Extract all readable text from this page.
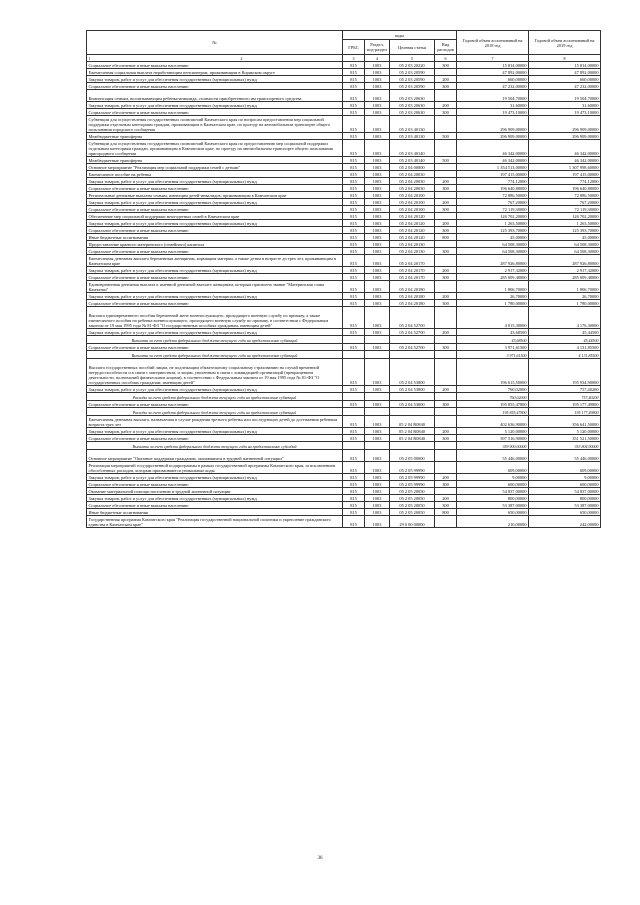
№	коды				Годовой объем ассигнований на 2018 год	Годовой объем ассигнований на 2019 год
	ГРБС	Раздел, под-раздел	Целевая статья	Вид расходов		
1 2	3	4	5	6	7	8
Социальное обеспечение и иные выплаты населению	815	1003	05 2 03 20220	300	15 814,00000	15 814,00000
Ежемесячная социальная выплата неработающим пенсионерам, проживающим в Корякском округе	815	1003	05 2 03 20590		47 892,00000	47 892,00000
Закупка товаров, работ и услуг для обеспечения государственных (муниципальных) нужд	815	1003	05 2 03 20590	200	660,00000	660,00000
Социальное обеспечение и иные выплаты населению	815	1003	05 2 03 20590	300	47 232,00000	47 232,00000
Компенсация семьям, воспитывающим ребенка-инвалида, стоимости приобретенного им транспортного средства	815	1003	05 2 03 20630		19 504,70000	19 504,70000
Закупка товаров, работ и услуг для обеспечения государственных (муниципальных) нужд	815	1003	05 2 03 20630	200	31,60000	31,60000
Социальное обеспечение и иные выплаты населению	815	1003	05 2 03 20630	300	19 473,10000	19 473,10000
Субвенции для осуществления государственных полномочий Камчатского края по вопросам предоставления мер социальной поддержки отдельным категориям граждан, проживающим в Камчатском крае, по проезду на автомобильном транспорте общего пользования городского сообщения	815	1003	05 2 03 40130		296 909,00000	296 909,00000
Межбюджетные трансферты	815	1003	05 2 03 40130	500	296 909,00000	296 909,00000
Субвенции для осуществления государственных полномочий Камчатского края по предоставлению мер социальной поддержки отдельным категориям граждан, проживающим в Камчатском крае, по проезду на автомобильном транспорте общего пользования пригородного сообщения	815	1003	05 2 03 40140		46 342,00000	46 342,00000
Межбюджетные трансферты	815	1003	05 2 03 40140	500	46 342,00000	46 342,00000
Основное мероприятие "Реализация мер социальной поддержки семей с детьми"	815	1003	05 2 04 00000		1 354 513,00000	1 307 998,60000
Ежемесячное пособие на ребенка	815	1003	05 2 04 20030		197 415,00000	197 415,00000
Закупка товаров, работ и услуг для обеспечения государственных (муниципальных) нужд	815	1003	05 2 04 20030	200	774,12000	774,12000
Социальное обеспечение и иные выплаты населению	815	1003	05 2 04 20030	300	196 640,88000	196 640,88000
Региональные денежные выплаты семьям, имеющим детей-инвалидов, проживающим в Камчатском крае	815	1003	05 2 04 20100		72 886,50000	72 886,50000
Закупка товаров, работ и услуг для обеспечения государственных (муниципальных) нужд	815	1003	05 2 04 20100	200	767,20000	767,20000
Социальное обеспечение и иные выплаты населению	815	1003	05 2 04 20100	300	72 119,30000	72 119,30000
Обеспечение мер социальной поддержки многодетных семей в Камчатском крае	815	1003	05 2 04 20120		126 702,20000	126 702,20000
Закупка товаров, работ и услуг для обеспечения государственных (муниципальных) нужд	815	1003	05 2 04 20120	200	1 263,50000	1 263,50000
Социальное обеспечение и иные выплаты населению	815	1003	05 2 04 20120	300	125 393,70000	125 393,70000
Иные бюджетные ассигнования	815	1003	05 2 04 20120	800	45,00000	45,00000
Предоставление краевого материнского (семейного) капитала	815	1003	05 2 04 20130		64 508,30000	64 508,30000
Социальное обеспечение и иные выплаты населению	815	1003	05 2 04 20130	300	64 508,30000	64 508,30000
Ежемесячная денежная выплата беременным женщинам, кормящим матерям, а также детям в возрасте до трех лет, проживающим в Камчатском крае	815	1003	05 2 04 20170		287 926,80000	287 926,80000
Закупка товаров, работ и услуг для обеспечения государственных (муниципальных) нужд	815	1003	05 2 04 20170	200	2 917,32000	2 917,32000
Социальное обеспечение и иные выплаты населению	815	1003	05 2 04 20170	300	285 009,48000	285 009,48000
Единовременная денежная выплата к именной денежной выплате женщинам, которым присвоено звание "Материнская слава Камчатки"	815	1003	05 2 04 20180		1 806,70000	1 806,70000
Закупка товаров, работ и услуг для обеспечения государственных (муниципальных) нужд	815	1003	05 2 04 20180	200	26,70000	26,70000
Социальное обеспечение и иные выплаты населению	815	1003	05 2 04 20180	300	1 780,00000	1 780,00000
Выплата единовременного пособия беременной жене военнослужащего, проходящего военную службу по призыву, а также ежемесячного пособия на ребенка военнослужащего, проходящего военную службу по призыву, в соответствии с Федеральным законом от 19 мая 1995 года № 81-ФЗ "О государственных пособиях гражданам, имеющим детей"	815	1003	05 2 04 52700		4 015,30000	4 176,30000
Закупка товаров, работ и услуг для обеспечения государственных (муниципальных) нужд	815	1003	05 2 04 52700	200	43,68500	45,44500
Выплаты за счет средств федерального бюджета текущего года на предоставление субвенций					43,68500	45,44500
Социальное обеспечение и иные выплаты населению	815	1003	05 2 04 52700	300	3 971,61500	4 131,85500
Выплаты за счет средств федерального бюджета текущего года на предоставление субвенций					3 971,61500	4 131,85500
Выплата государственных пособий лицам, не подлежащим обязательному социальному страхованию на случай временной нетрудоспособности и в связи с материнством, и лицам, уволенным в связи с ликвидацией организаций (прекращением деятельности, полномочий физическими лицами), в соответствии с Федеральным законом от 19 мая 1995 года № 81-ФЗ "О государственных пособиях гражданам, имеющим детей"	815	1003	05 2 04 53800		196 615,50000	195 934,90000
Закупка товаров, работ и услуг для обеспечения государственных (муниципальных) нужд	815	1003	05 2 04 53800	200	760,02000	757,40200
Расходы за счет средств федерального бюджета текущего года на предоставление субвенций					760,02000	757,40200
Социальное обеспечение и иные выплаты населению	815	1003	05 2 04 53800	300	195 855,47800	195 177,49800
Расходы за счет средств федерального бюджета текущего года на предоставление субвенций					195 855,47800	195 177,49800
Ежемесячная денежная выплата, назначаемая в случае рождения третьего ребенка или последующих детей до достижения ребенком возраста трех лет	815	1003	05 2 04 R0840		402 636,90000	356 641,50000
Закупка товаров, работ и услуг для обеспечения государственных (муниципальных) нужд	815	1003	05 2 04 R0840	200	5 120,00000	5 120,00000
Социальное обеспечение и иные выплаты населению	815	1003	05 2 04 R0840	300	397 516,90000	351 521,50000
Выплаты за счет средств федерального бюджета текущего года на предоставление субсидий					359 900,00000	353 804,90000
Основное мероприятие "Оказание поддержки гражданам, оказавшимся в трудной жизненной ситуации"	815	1003	05 2 05 00000		55 446,00000	55 446,00000
Реализация мероприятий государственной подпрограммы в рамках государственной программы Камчатского края, за исключением обособленных расходов, которым присваиваются уникальные коды	815	1003	05 2 05 99990		609,00000	609,00000
Закупка товаров, работ и услуг для обеспечения государственных (муниципальных) нужд	815	1003	05 2 05 99990	200	9,00000	9,00000
Социальное обеспечение и иные выплаты населению	815	1003	05 2 05 99990	300	600,00000	600,00000
Оказание материальной помощи населению в трудной жизненной ситуации	815	1003	05 2 05 20050		54 837,00000	54 837,00000
Закупка товаров, работ и услуг для обеспечения государственных (муниципальных) нужд	815	1003	05 2 05 20050	200	800,00000	800,00000
Социальное обеспечение и иные выплаты населению	815	1003	05 2 05 20050	300	53 387,00000	53 387,00000
Иные бюджетные ассигнования	815	1003	05 2 05 20050	800	650,00000	650,00000
Государственная программа Камчатского края "Реализация государственной национальной политики и укрепление гражданского единства в Камчатском крае"	815	1003	29 0 00 00000		210,00000	242,00000
36
